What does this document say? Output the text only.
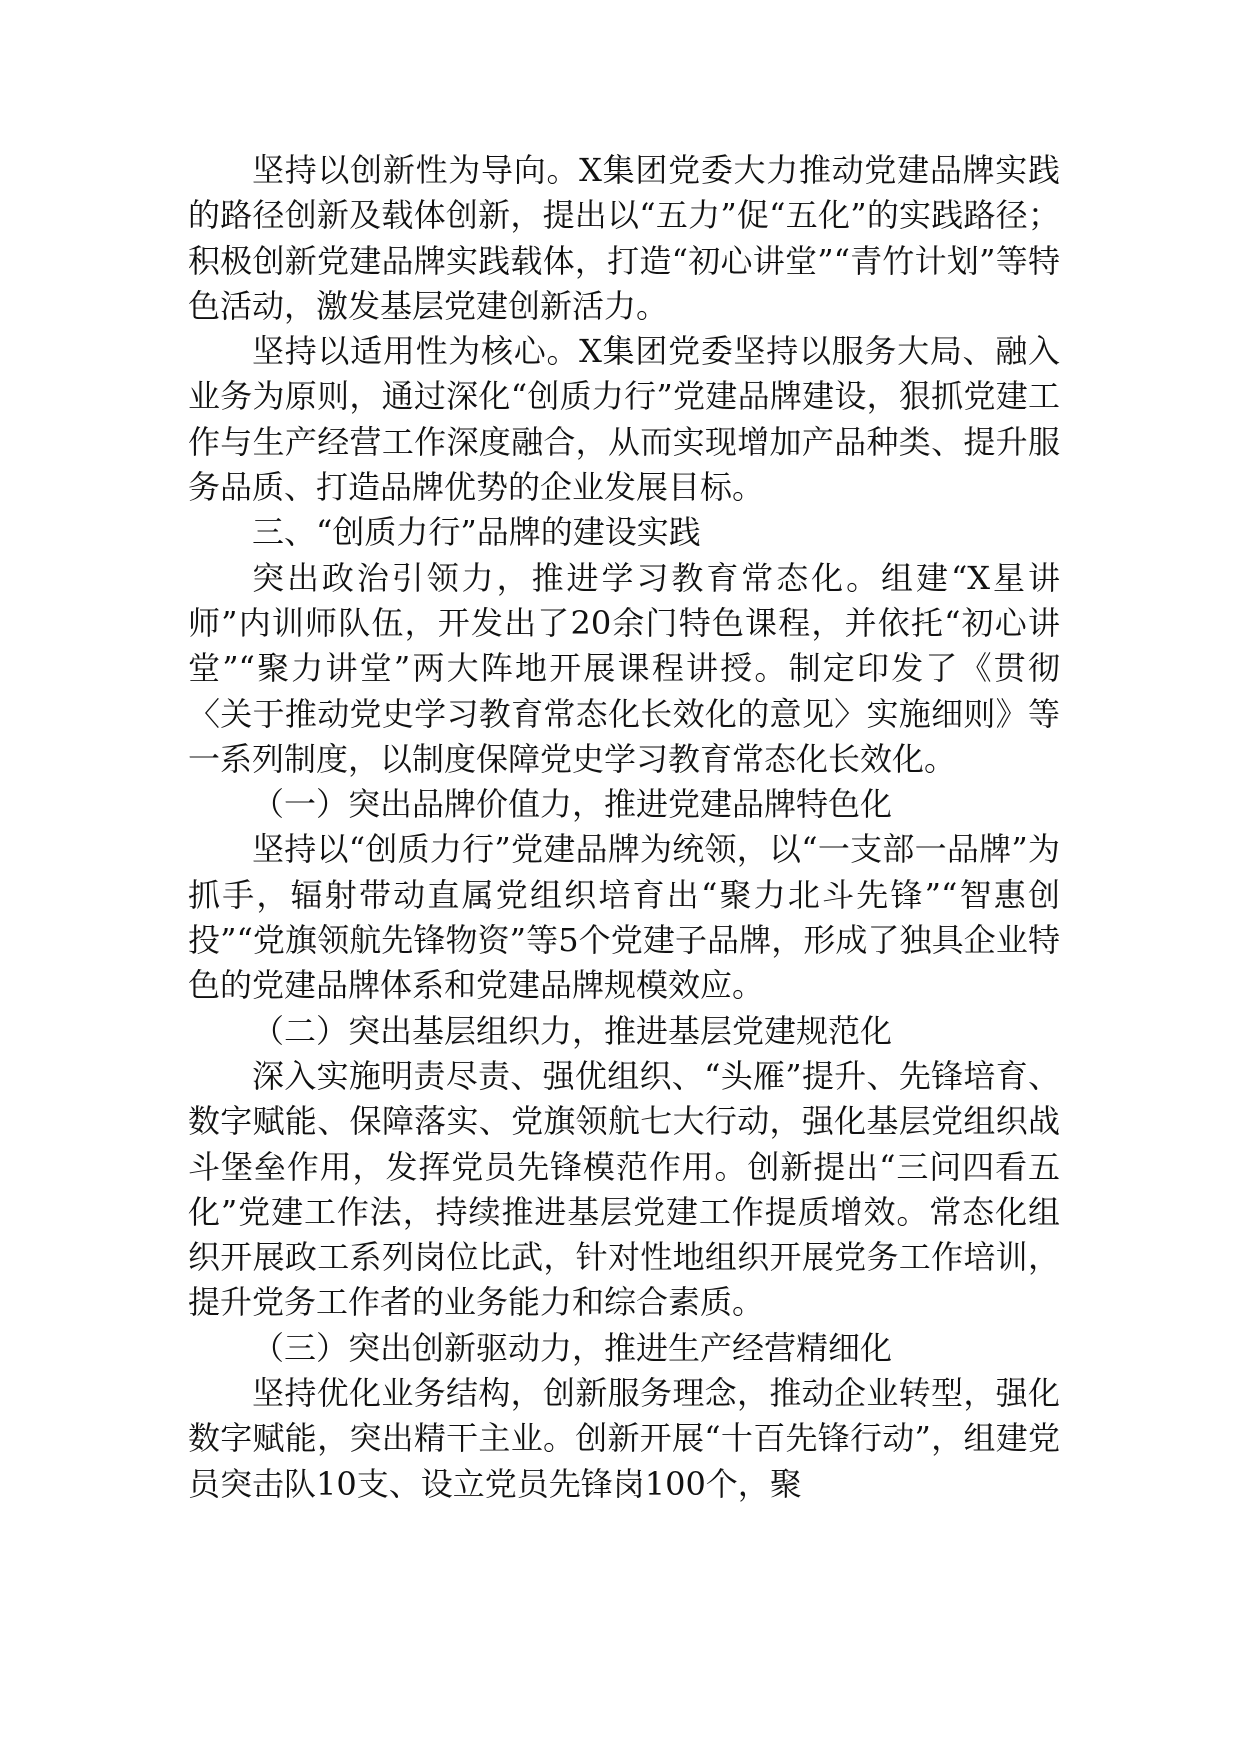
坚持以创新性为导向。X集团党委大力推动党建品牌实践的路径创新及载体创新，提出以“五力”促“五化”的实践路径；积极创新党建品牌实践载体，打造“初心讲堂”“青竹计划”等特色活动，激发基层党建创新活力。

坚持以适用性为核心。X集团党委坚持以服务大局、融入业务为原则，通过深化“创质力行”党建品牌建设，狠抓党建工作与生产经营工作深度融合，从而实现增加产品种类、提升服务品质、打造品牌优势的企业发展目标。

三、“创质力行”品牌的建设实践

突出政治引领力，推进学习教育常态化。组建“X星讲师”内训师队伍，开发出了20余门特色课程，并依托“初心讲堂”“聚力讲堂”两大阵地开展课程讲授。制定印发了《贯彻〈关于推动党史学习教育常态化长效化的意见〉实施细则》等一系列制度，以制度保障党史学习教育常态化长效化。

（一）突出品牌价值力，推进党建品牌特色化

坚持以“创质力行”党建品牌为统领，以“一支部一品牌”为抓手，辐射带动直属党组织培育出“聚力北斗先锋”“智惠创投”“党旗领航先锋物资”等5个党建子品牌，形成了独具企业特色的党建品牌体系和党建品牌规模效应。

（二）突出基层组织力，推进基层党建规范化

深入实施明责尽责、强优组织、“头雁”提升、先锋培育、数字赋能、保障落实、党旗领航七大行动，强化基层党组织战斗堡垒作用，发挥党员先锋模范作用。创新提出“三问四看五化”党建工作法，持续推进基层党建工作提质增效。常态化组织开展政工系列岗位比武，针对性地组织开展党务工作培训，提升党务工作者的业务能力和综合素质。

（三）突出创新驱动力，推进生产经营精细化

坚持优化业务结构，创新服务理念，推动企业转型，强化数字赋能，突出精干主业。创新开展“十百先锋行动”，组建党员突击队10支、设立党员先锋岗100个，聚
